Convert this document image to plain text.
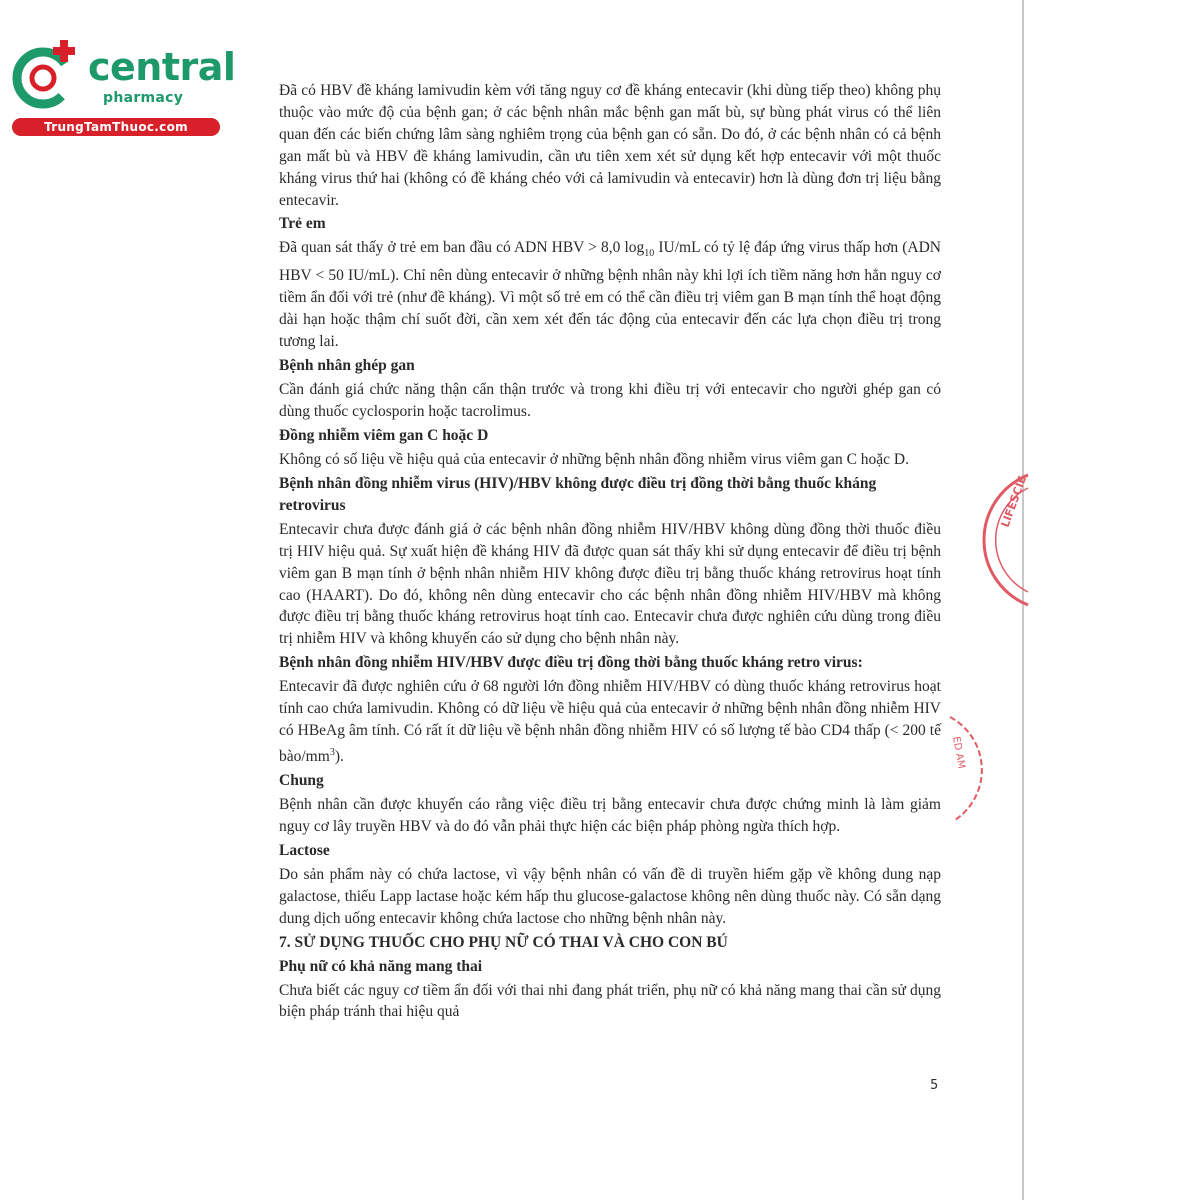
central
pharmacy
TrungTamThuoc.com

Đã có HBV đề kháng lamivudin kèm với tăng nguy cơ đề kháng entecavir (khi dùng tiếp theo) không phụ thuộc vào mức độ của bệnh gan; ở các bệnh nhân mắc bệnh gan mất bù, sự bùng phát virus có thể liên quan đến các biến chứng lâm sàng nghiêm trọng của bệnh gan có sẵn. Do đó, ở các bệnh nhân có cả bệnh gan mất bù và HBV đề kháng lamivudin, cần ưu tiên xem xét sử dụng kết hợp entecavir với một thuốc kháng virus thứ hai (không có đề kháng chéo với cả lamivudin và entecavir) hơn là dùng đơn trị liệu bằng entecavir.

Trẻ em

Đã quan sát thấy ở trẻ em ban đầu có ADN HBV > 8,0 $\log_{10} IU/mL$ có tỷ lệ đáp ứng virus thấp hơn (ADN HBV < 50 IU/mL). Chỉ nên dùng entecavir ở những bệnh nhân này khi lợi ích tiềm năng hơn hẳn nguy cơ tiềm ẩn đối với trẻ (như đề kháng). Vì một số trẻ em có thể cần điều trị viêm gan B mạn tính thể hoạt động dài hạn hoặc thậm chí suốt đời, cần xem xét đến tác động của entecavir đến các lựa chọn điều trị trong tương lai.

Bệnh nhân ghép gan

Cần đánh giá chức năng thận cẩn thận trước và trong khi điều trị với entecavir cho người ghép gan có dùng thuốc cyclosporin hoặc tacrolimus.

Đồng nhiễm viêm gan C hoặc D

Không có số liệu về hiệu quả của entecavir ở những bệnh nhân đồng nhiễm virus viêm gan C hoặc D.

Bệnh nhân đồng nhiễm virus (HIV)/HBV không được điều trị đồng thời bằng thuốc kháng retrovirus

Entecavir chưa được đánh giá ở các bệnh nhân đồng nhiễm HIV/HBV không dùng đồng thời thuốc điều trị HIV hiệu quả. Sự xuất hiện đề kháng HIV đã được quan sát thấy khi sử dụng entecavir để điều trị bệnh viêm gan B mạn tính ở bệnh nhân nhiễm HIV không được điều trị bằng thuốc kháng retrovirus hoạt tính cao (HAART). Do đó, không nên dùng entecavir cho các bệnh nhân đồng nhiễm HIV/HBV mà không được điều trị bằng thuốc kháng retrovirus hoạt tính cao. Entecavir chưa được nghiên cứu dùng trong điều trị nhiễm HIV và không khuyến cáo sử dụng cho bệnh nhân này.

Bệnh nhân đồng nhiễm HIV/HBV được điều trị đồng thời bằng thuốc kháng retro virus:

Entecavir đã được nghiên cứu ở 68 người lớn đồng nhiễm HIV/HBV có dùng thuốc kháng retrovirus hoạt tính cao chứa lamivudin. Không có dữ liệu về hiệu quả của entecavir ở những bệnh nhân đồng nhiễm HIV có HBeAg âm tính. Có rất ít dữ liệu về bệnh nhân đồng nhiễm HIV có số lượng tế bào CD4 thấp (< 200 tế bào/$mm^3$).

Chung

Bệnh nhân cần được khuyến cáo rằng việc điều trị bằng entecavir chưa được chứng minh là làm giảm nguy cơ lây truyền HBV và do đó vẫn phải thực hiện các biện pháp phòng ngừa thích hợp.

Lactose

Do sản phẩm này có chứa lactose, vì vậy bệnh nhân có vấn đề di truyền hiếm gặp về không dung nạp galactose, thiếu Lapp lactase hoặc kém hấp thu glucose-galactose không nên dùng thuốc này. Có sẵn dạng dung dịch uống entecavir không chứa lactose cho những bệnh nhân này.

7. SỬ DỤNG THUỐC CHO PHỤ NỮ CÓ THAI VÀ CHO CON BÚ
Phụ nữ có khả năng mang thai

Chưa biết các nguy cơ tiềm ẩn đối với thai nhi đang phát triển, phụ nữ có khả năng mang thai cần sử dụng biện pháp tránh thai hiệu quả

5
LIFESCIE
ED AM
